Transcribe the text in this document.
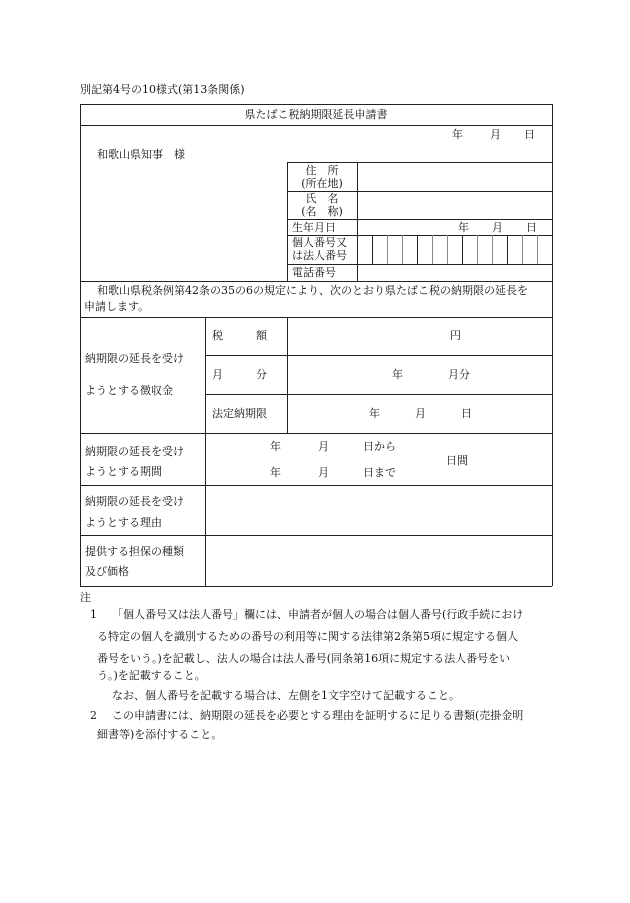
別記第4号の10様式(第13条関係)
県たばこ税納期限延長申請書
年 月 日
和歌山県知事　様
住　所
(所在地)
氏　名
(名　称)
生年月日	年 月 日
個人番号又
は法人番号
電話番号
和歌山県税条例第42条の35の6の規定により、次のとおり県たばこ税の納期限の延長を
申請します。
納期限の延長を受け
ようとする徴収金
税　　　額	円
月　　　分	年	月分
法定納期限	年	月	日
納期限の延長を受け
ようとする期間
年	月	日から
年	月	日まで
日間
納期限の延長を受け
ようとする理由
提供する担保の種類
及び価格
注
1 「個人番号又は法人番号」欄には、申請者が個人の場合は個人番号(行政手続におけ
る特定の個人を識別するための番号の利用等に関する法律第2条第5項に規定する個人
番号をいう。)を記載し、法人の場合は法人番号(同条第16項に規定する法人番号をい
う。)を記載すること。
なお、個人番号を記載する場合は、左側を1文字空けて記載すること。
2 この申請書には、納期限の延長を必要とする理由を証明するに足りる書類(売掛金明
細書等)を添付すること。
